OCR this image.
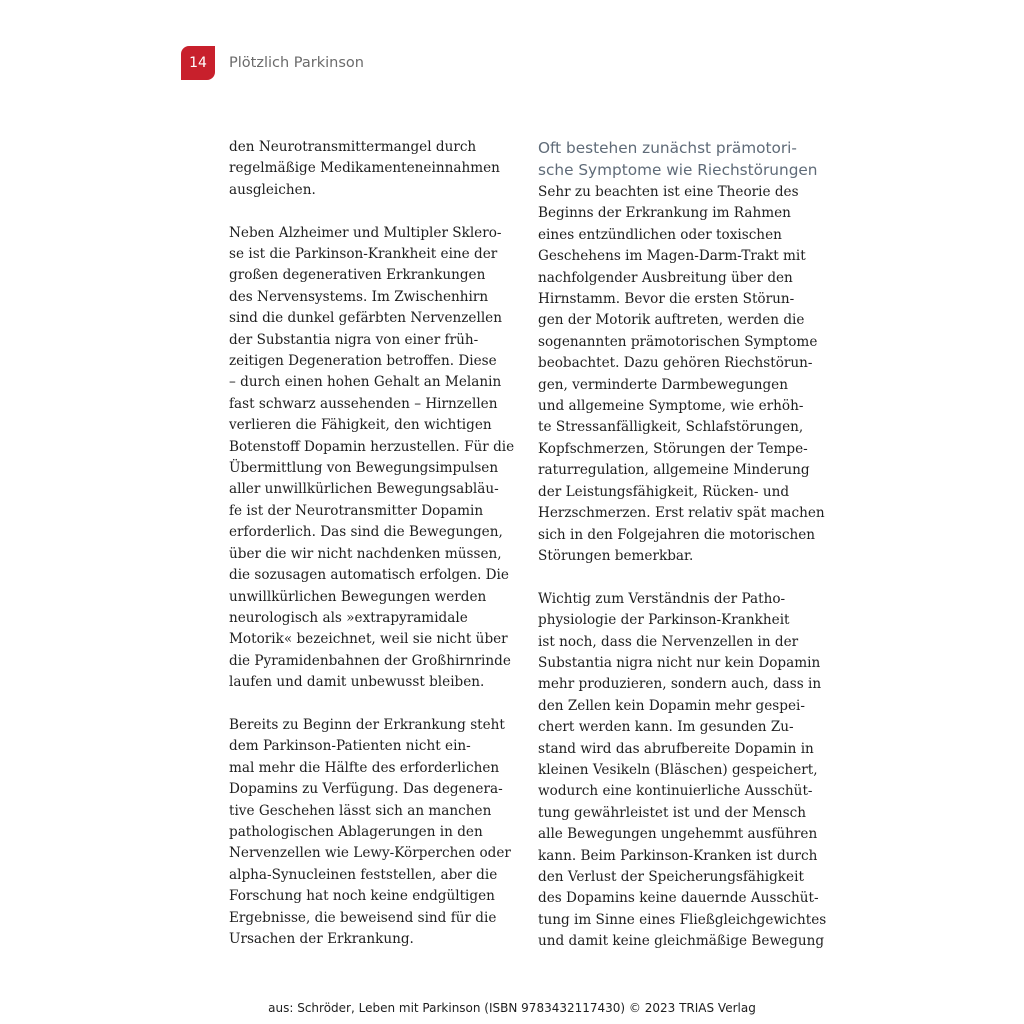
14	Plötzlich Parkinson

den Neurotransmittermangel durch

regelmäßige Medikamenteneinnahmen

ausgleichen.

Neben Alzheimer und Multipler Sklero-

se ist die Parkinson-Krankheit eine der

großen degenerativen Erkrankungen

des Nervensystems. Im Zwischenhirn

sind die dunkel gefärbten Nervenzellen

der Substantia nigra von einer früh-

zeitigen Degeneration betroffen. Diese

– durch einen hohen Gehalt an Melanin

fast schwarz aussehenden – Hirnzellen

verlieren die Fähigkeit, den wichtigen

Botenstoff Dopamin herzustellen. Für die

Übermittlung von Bewegungsimpulsen

aller unwillkürlichen Bewegungsabläu-

fe ist der Neurotransmitter Dopamin

erforderlich. Das sind die Bewegungen,

über die wir nicht nachdenken müssen,

die sozusagen automatisch erfolgen. Die

unwillkürlichen Bewegungen werden

neurologisch als »extrapyramidale

Motorik« bezeichnet, weil sie nicht über

die Pyramidenbahnen der Großhirnrinde

laufen und damit unbewusst bleiben.

Bereits zu Beginn der Erkrankung steht

dem Parkinson-Patienten nicht ein-

mal mehr die Hälfte des erforderlichen

Dopamins zu Verfügung. Das degenera-

tive Geschehen lässt sich an manchen

pathologischen Ablagerungen in den

Nervenzellen wie Lewy-Körperchen oder

alpha-Synucleinen feststellen, aber die

Forschung hat noch keine endgültigen

Ergebnisse, die beweisend sind für die

Ursachen der Erkrankung.

Oft bestehen zunächst prämotori-

sche Symptome wie Riechstörungen

Sehr zu beachten ist eine Theorie des

Beginns der Erkrankung im Rahmen

eines entzündlichen oder toxischen

Geschehens im Magen-Darm-Trakt mit

nachfolgender Ausbreitung über den

Hirnstamm. Bevor die ersten Störun-

gen der Motorik auftreten, werden die

sogenannten prämotorischen Symptome

beobachtet. Dazu gehören Riechstörun-

gen, verminderte Darmbewegungen

und allgemeine Symptome, wie erhöh-

te Stressanfälligkeit, Schlafstörungen,

Kopfschmerzen, Störungen der Tempe-

raturregulation, allgemeine Minderung

der Leistungsfähigkeit, Rücken- und

Herzschmerzen. Erst relativ spät machen

sich in den Folgejahren die motorischen

Störungen bemerkbar.

Wichtig zum Verständnis der Patho-

physiologie der Parkinson-Krankheit

ist noch, dass die Nervenzellen in der

Substantia nigra nicht nur kein Dopamin

mehr produzieren, sondern auch, dass in

den Zellen kein Dopamin mehr gespei-

chert werden kann. Im gesunden Zu-

stand wird das abrufbereite Dopamin in

kleinen Vesikeln (Bläschen) gespeichert,

wodurch eine kontinuierliche Ausschüt-

tung gewährleistet ist und der Mensch

alle Bewegungen ungehemmt ausführen

kann. Beim Parkinson-Kranken ist durch

den Verlust der Speicherungsfähigkeit

des Dopamins keine dauernde Ausschüt-

tung im Sinne eines Fließgleichgewichtes

und damit keine gleichmäßige Bewegung

aus: Schröder, Leben mit Parkinson (ISBN 9783432117430) © 2023 TRIAS Verlag
